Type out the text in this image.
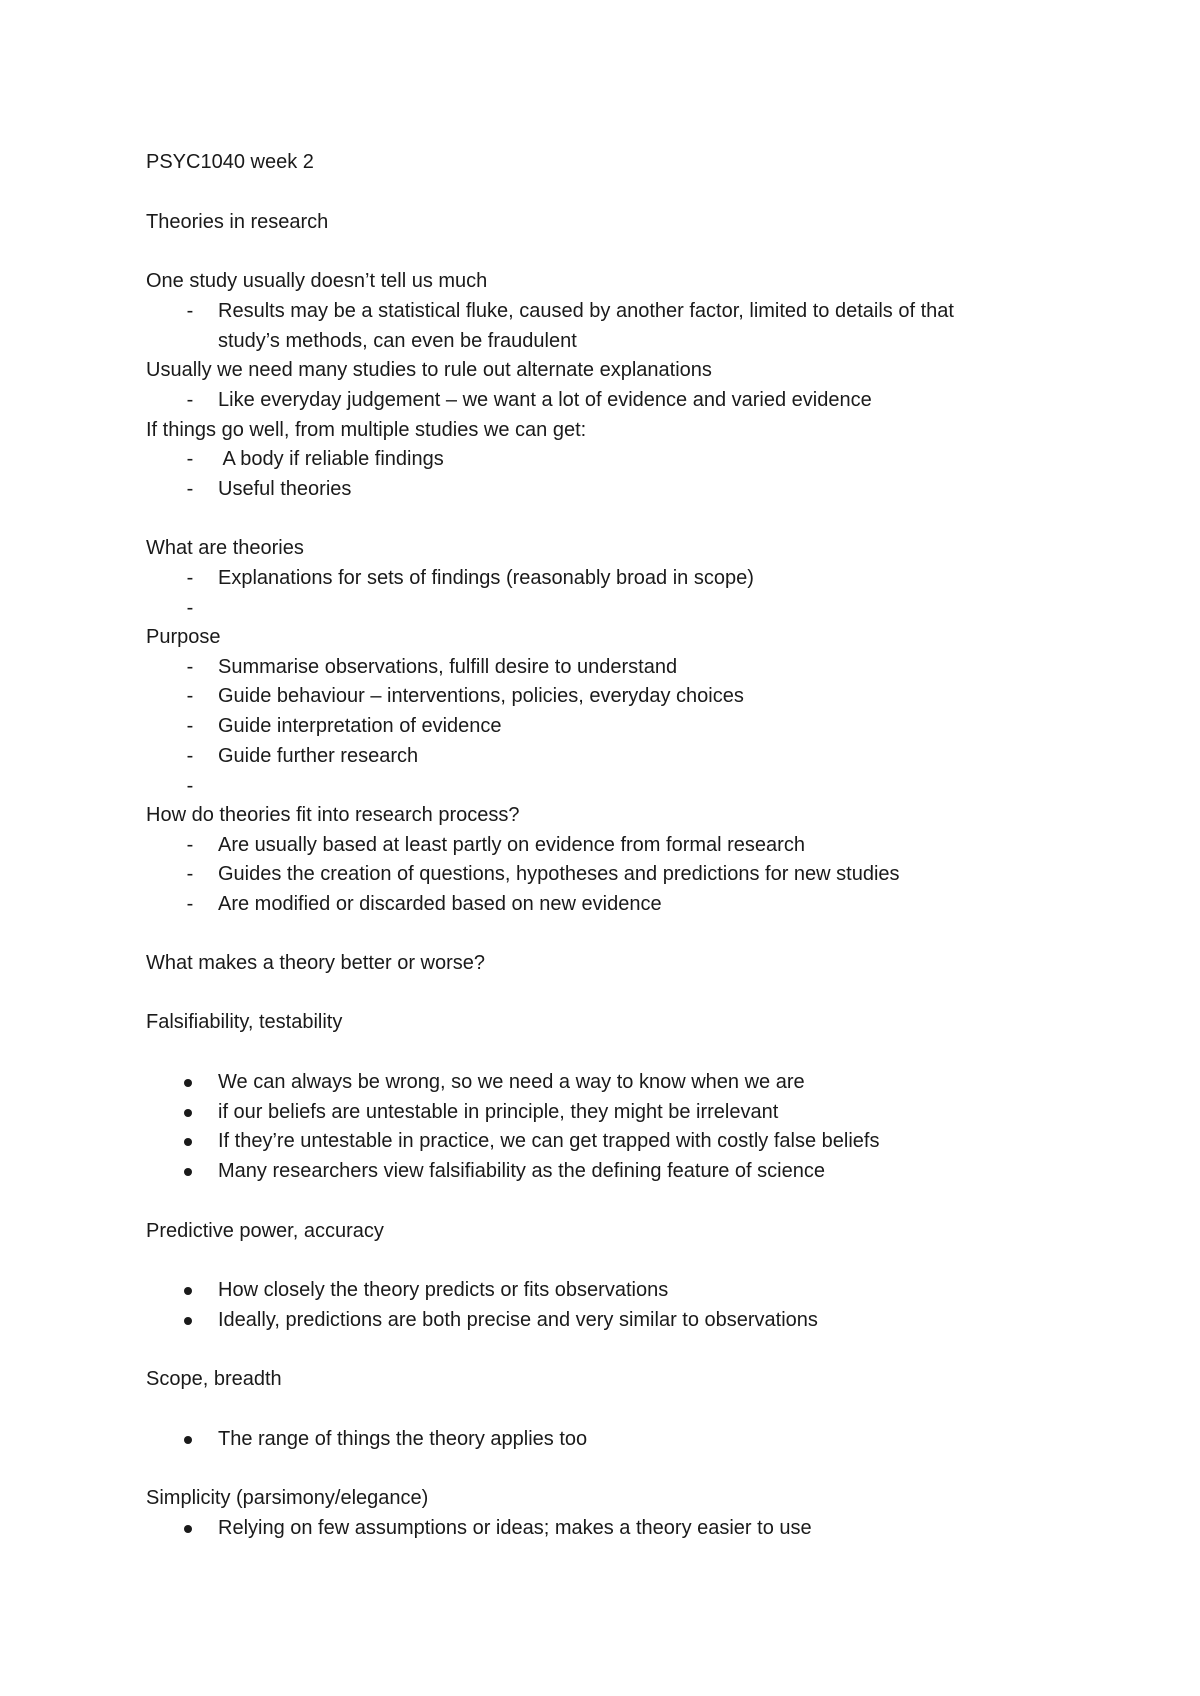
PSYC1040 week 2
Theories in research
One study usually doesn’t tell us much
- Results may be a statistical fluke, caused by another factor, limited to details of that
study’s methods, can even be fraudulent
Usually we need many studies to rule out alternate explanations
- Like everyday judgement – we want a lot of evidence and varied evidence
If things go well, from multiple studies we can get:
- A body if reliable findings
- Useful theories
What are theories
- Explanations for sets of findings (reasonably broad in scope)
-
Purpose
- Summarise observations, fulfill desire to understand
- Guide behaviour – interventions, policies, everyday choices
- Guide interpretation of evidence
- Guide further research
-
How do theories fit into research process?
- Are usually based at least partly on evidence from formal research
- Guides the creation of questions, hypotheses and predictions for new studies
- Are modified or discarded based on new evidence
What makes a theory better or worse?
Falsifiability, testability
We can always be wrong, so we need a way to know when we are
if our beliefs are untestable in principle, they might be irrelevant
If they’re untestable in practice, we can get trapped with costly false beliefs
Many researchers view falsifiability as the defining feature of science
Predictive power, accuracy
How closely the theory predicts or fits observations
Ideally, predictions are both precise and very similar to observations
Scope, breadth
The range of things the theory applies too
Simplicity (parsimony/elegance)
Relying on few assumptions or ideas; makes a theory easier to use
